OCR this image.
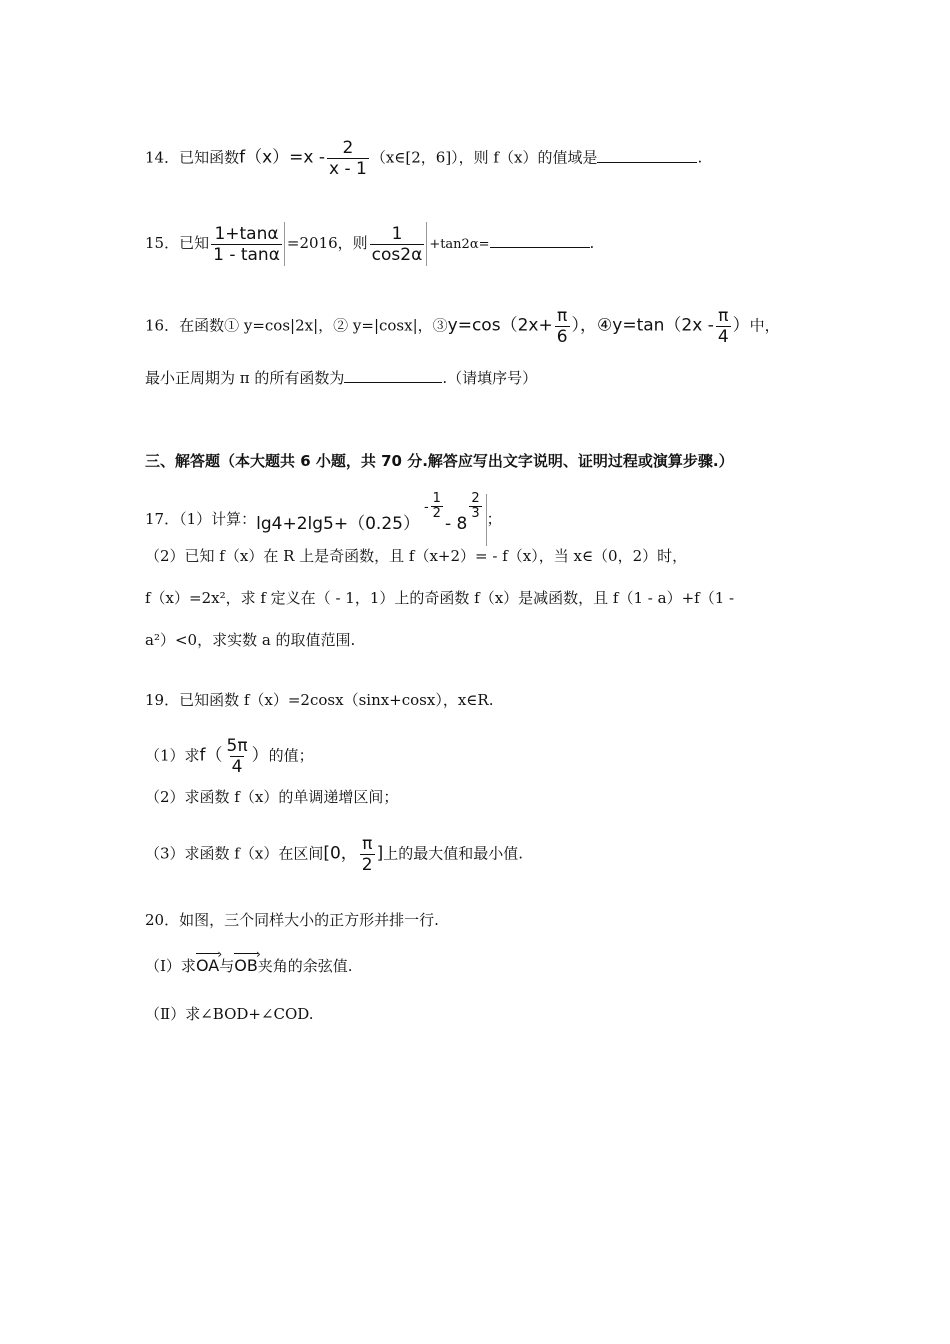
14．已知函数$f(x)=x - \frac{2}{x - 1}$ （x∈[2，6]），则 f（x）的值域是	.
15．已知 $\frac{1+\tan\alpha}{1 - \tan\alpha} =2016$，则 $\frac{1}{\cos 2\alpha} +\tan 2\alpha=$	.
16．在函数① y=cos|2x|，② y=|cosx|，③y=cos（2x+ $\frac{\pi}{6}$ ），④y=tan（2x - $\frac{\pi}{4}$ ）中，
最小正周期为 π 的所有函数为	.（请填序号）
三、解答题（本大题共 6 小题，共 70 分.解答应写出文字说明、证明过程或演算步骤.）
17．（1）计算：$\lg 4+2\lg 5+(0.25)- \frac{1}{2}$
- 8
$\frac{2}{3}$ ；
（2）已知 f（x）在 R 上是奇函数，且 f（x+2）= - f（x），当 x∈（0，2）时，
f（x）=2x²，求 f 定义在（ - 1，1）上的奇函数 f（x）是减函数，且 f（1 - a）+f（1 -
a²）<0，求实数 a 的取值范围.
19．已知函数 f（x）=2cosx（sinx+cosx），x∈R.
（1）求$f( \frac{5\pi}{4}$ ）的值；
（2）求函数 f（x）的单调递增区间；
（3）求函数 f（x）在区间[0， $\frac{\pi}{2}$ ]上的最大值和最小值.
20．如图，三个同样大小的正方形并排一行.
（Ⅰ）求OA ›与OB ›夹角的余弦值.
（Ⅱ）求∠BOD+∠COD.
